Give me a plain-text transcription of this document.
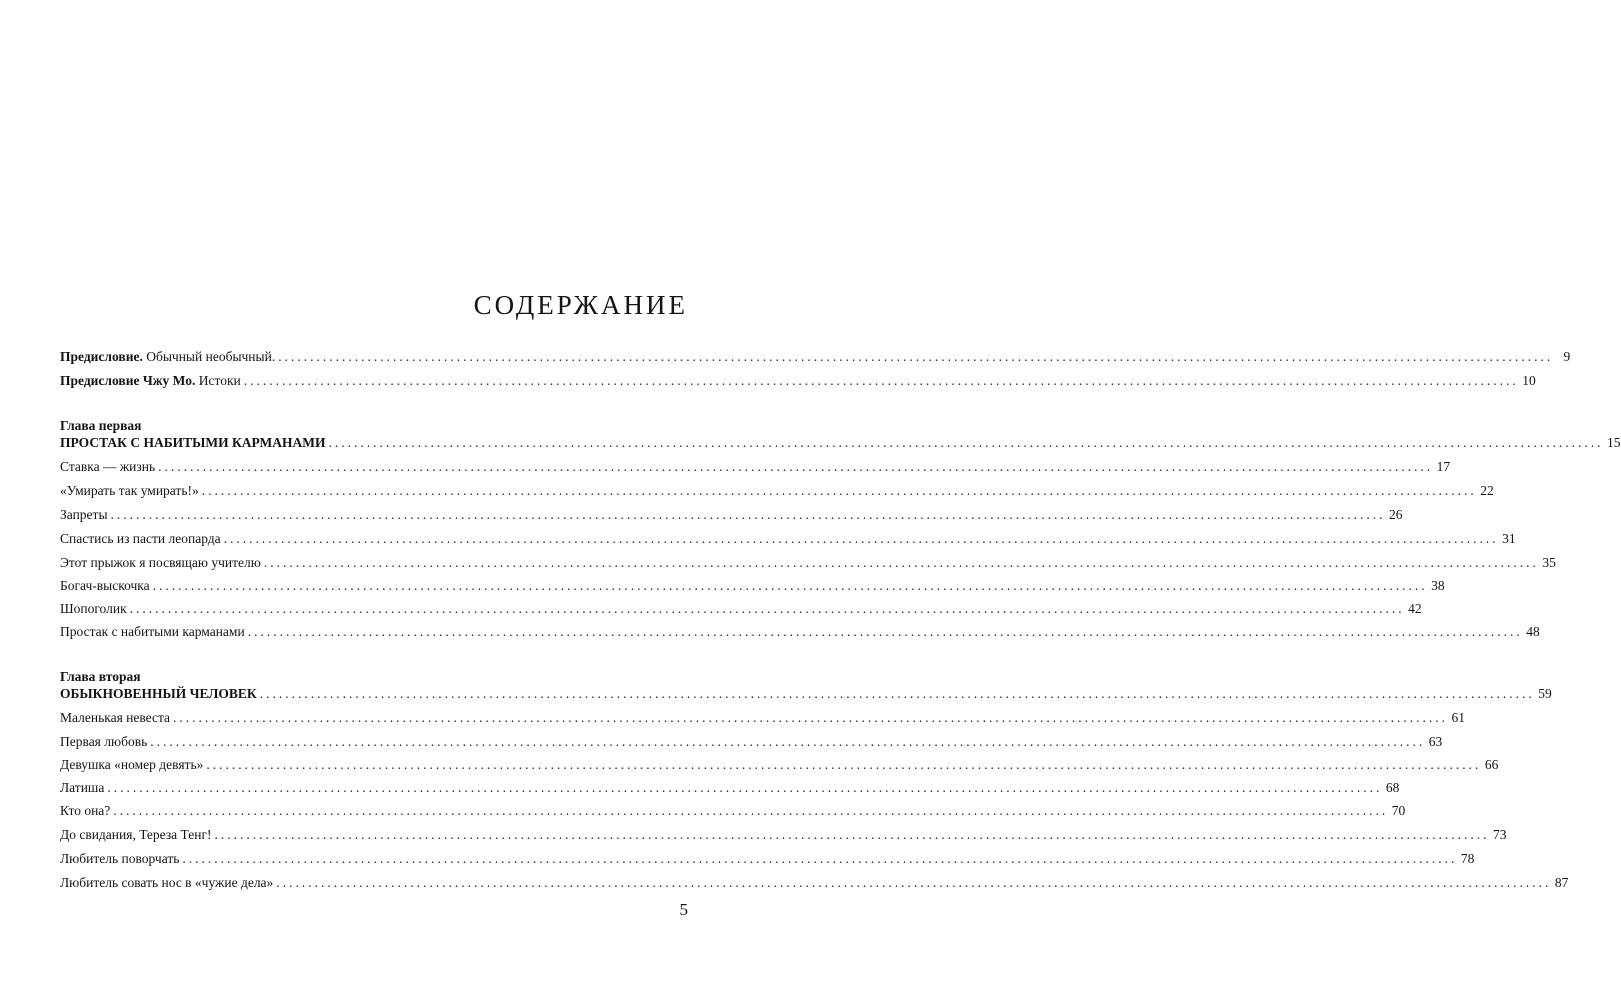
СОДЕРЖАНИЕ
Предисловие. Обычный необычный. ........................................................................................................................................................................................................ 9
Предисловие Чжу Мо. Истоки ........................................................................................................................................................................................................ 10
Глава первая
ПРОСТАК С НАБИТЫМИ КАРМАНАМИ ........................................................................................................................................................................................................ 15
Ставка — жизнь ........................................................................................................................................................................................................ 17
«Умирать так умирать!» ........................................................................................................................................................................................................ 22
Запреты ........................................................................................................................................................................................................ 26
Спастись из пасти леопарда ........................................................................................................................................................................................................ 31
Этот прыжок я посвящаю учителю ........................................................................................................................................................................................................ 35
Богач-выскочка ........................................................................................................................................................................................................ 38
Шопоголик ........................................................................................................................................................................................................ 42
Простак с набитыми карманами ........................................................................................................................................................................................................ 48
Глава вторая
ОБЫКНОВЕННЫЙ ЧЕЛОВЕК ........................................................................................................................................................................................................ 59
Маленькая невеста ........................................................................................................................................................................................................ 61
Первая любовь ........................................................................................................................................................................................................ 63
Девушка «номер девять» ........................................................................................................................................................................................................ 66
Латиша ........................................................................................................................................................................................................ 68
Кто она? ........................................................................................................................................................................................................ 70
До свидания, Тереза Тенг! ........................................................................................................................................................................................................ 73
Любитель поворчать ........................................................................................................................................................................................................ 78
Любитель совать нос в «чужие дела» ........................................................................................................................................................................................................ 87
5
